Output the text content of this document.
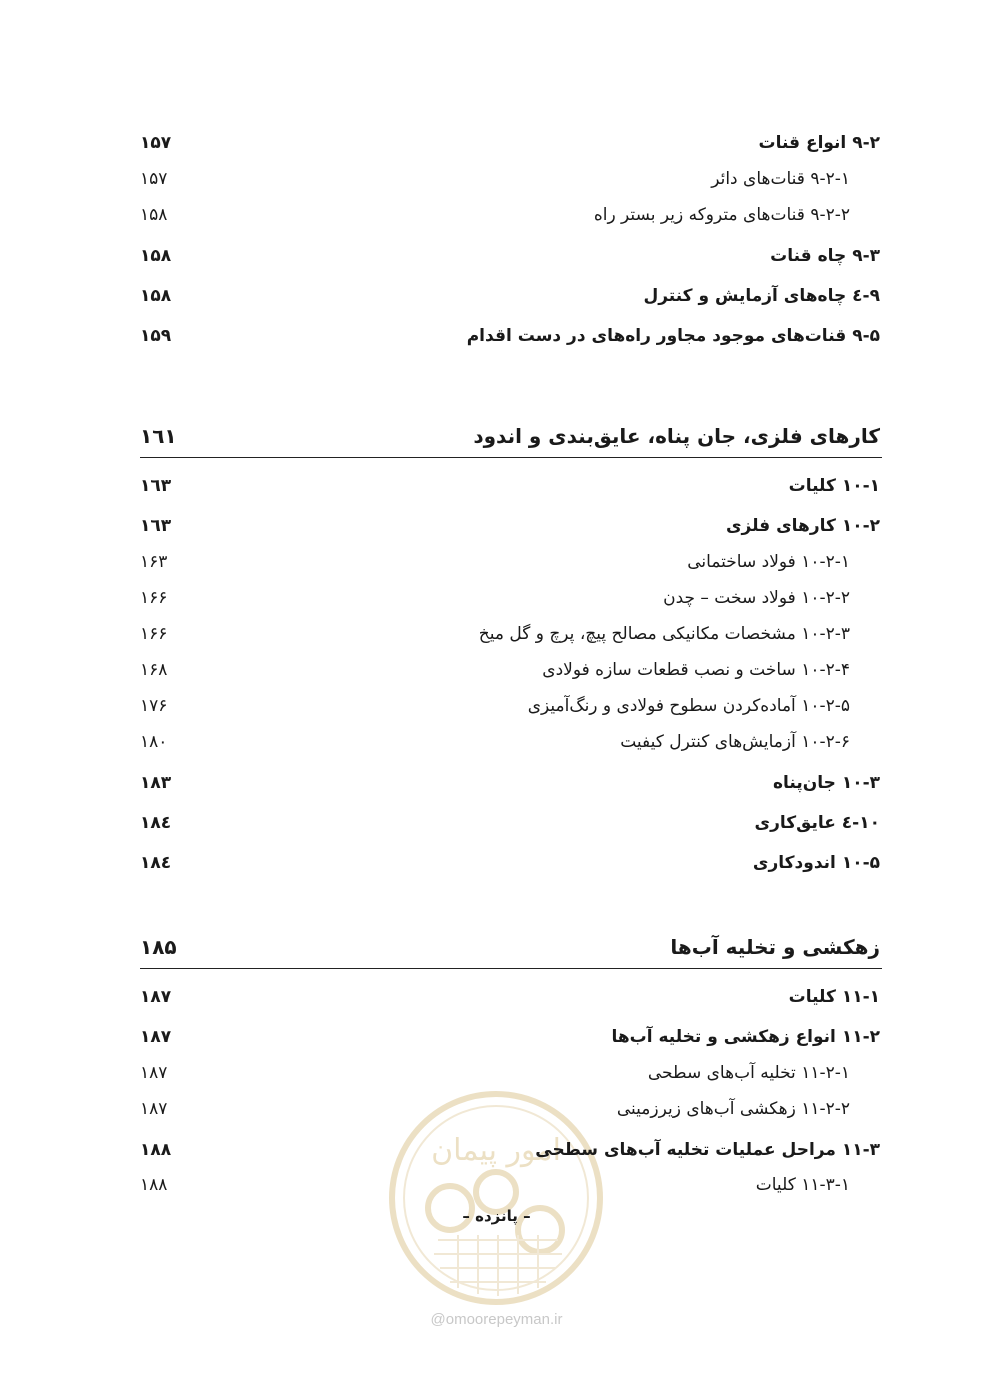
۱۵۷	۹-۲ انواع قنات
۱۵۷	۹-۲-۱ قنات‌های دائر
۱۵۸	۹-۲-۲ قنات‌های متروکه زیر بستر راه
۱۵۸	۹-۳ چاه قنات
۱۵۸	۹-٤ چاه‌های آزمایش و کنترل
۱۵۹	۹-۵ قنات‌های موجود مجاور راه‌های در دست اقدام
۱٦۱	کارهای فلزی، جان پناه، عایق‌بندی و اندود
۱٦۳	۱۰-۱ کلیات
۱٦۳	۱۰-۲ کارهای فلزی
۱۶۳	۱۰-۲-۱ فولاد ساختمانی
۱۶۶	۱۰-۲-۲ فولاد سخت – چدن
۱۶۶	۱۰-۲-۳ مشخصات مکانیکی مصالح پیچ، پرچ و گل میخ
۱۶۸	۱۰-۲-۴ ساخت و نصب قطعات سازه فولادی
۱۷۶	۱۰-۲-۵ آماده‌کردن سطوح فولادی و رنگ‌آمیزی
۱۸۰	۱۰-۲-۶ آزمایش‌های کنترل کیفیت
۱۸۳	۱۰-۳ جان‌پناه
۱۸٤	۱۰-٤ عایق‌کاری
۱۸٤	۱۰-۵ اندودکاری
۱۸۵	زهکشی و تخلیه آب‌ها
امور پیمان
۱۸۷	۱۱-۱ کلیات
۱۸۷	۱۱-۲ انواع زهکشی و تخلیه آب‌ها
۱۸۷	۱۱-۲-۱ تخلیه آب‌های سطحی
۱۸۷	۱۱-۲-۲ زهکشی آب‌های زیرزمینی
۱۸۸	۱۱-۳ مراحل عملیات تخلیه آب‌های سطحی
۱۸۸	۱۱-۳-۱ کلیات
– پانزده –
@omoorepeyman.ir
